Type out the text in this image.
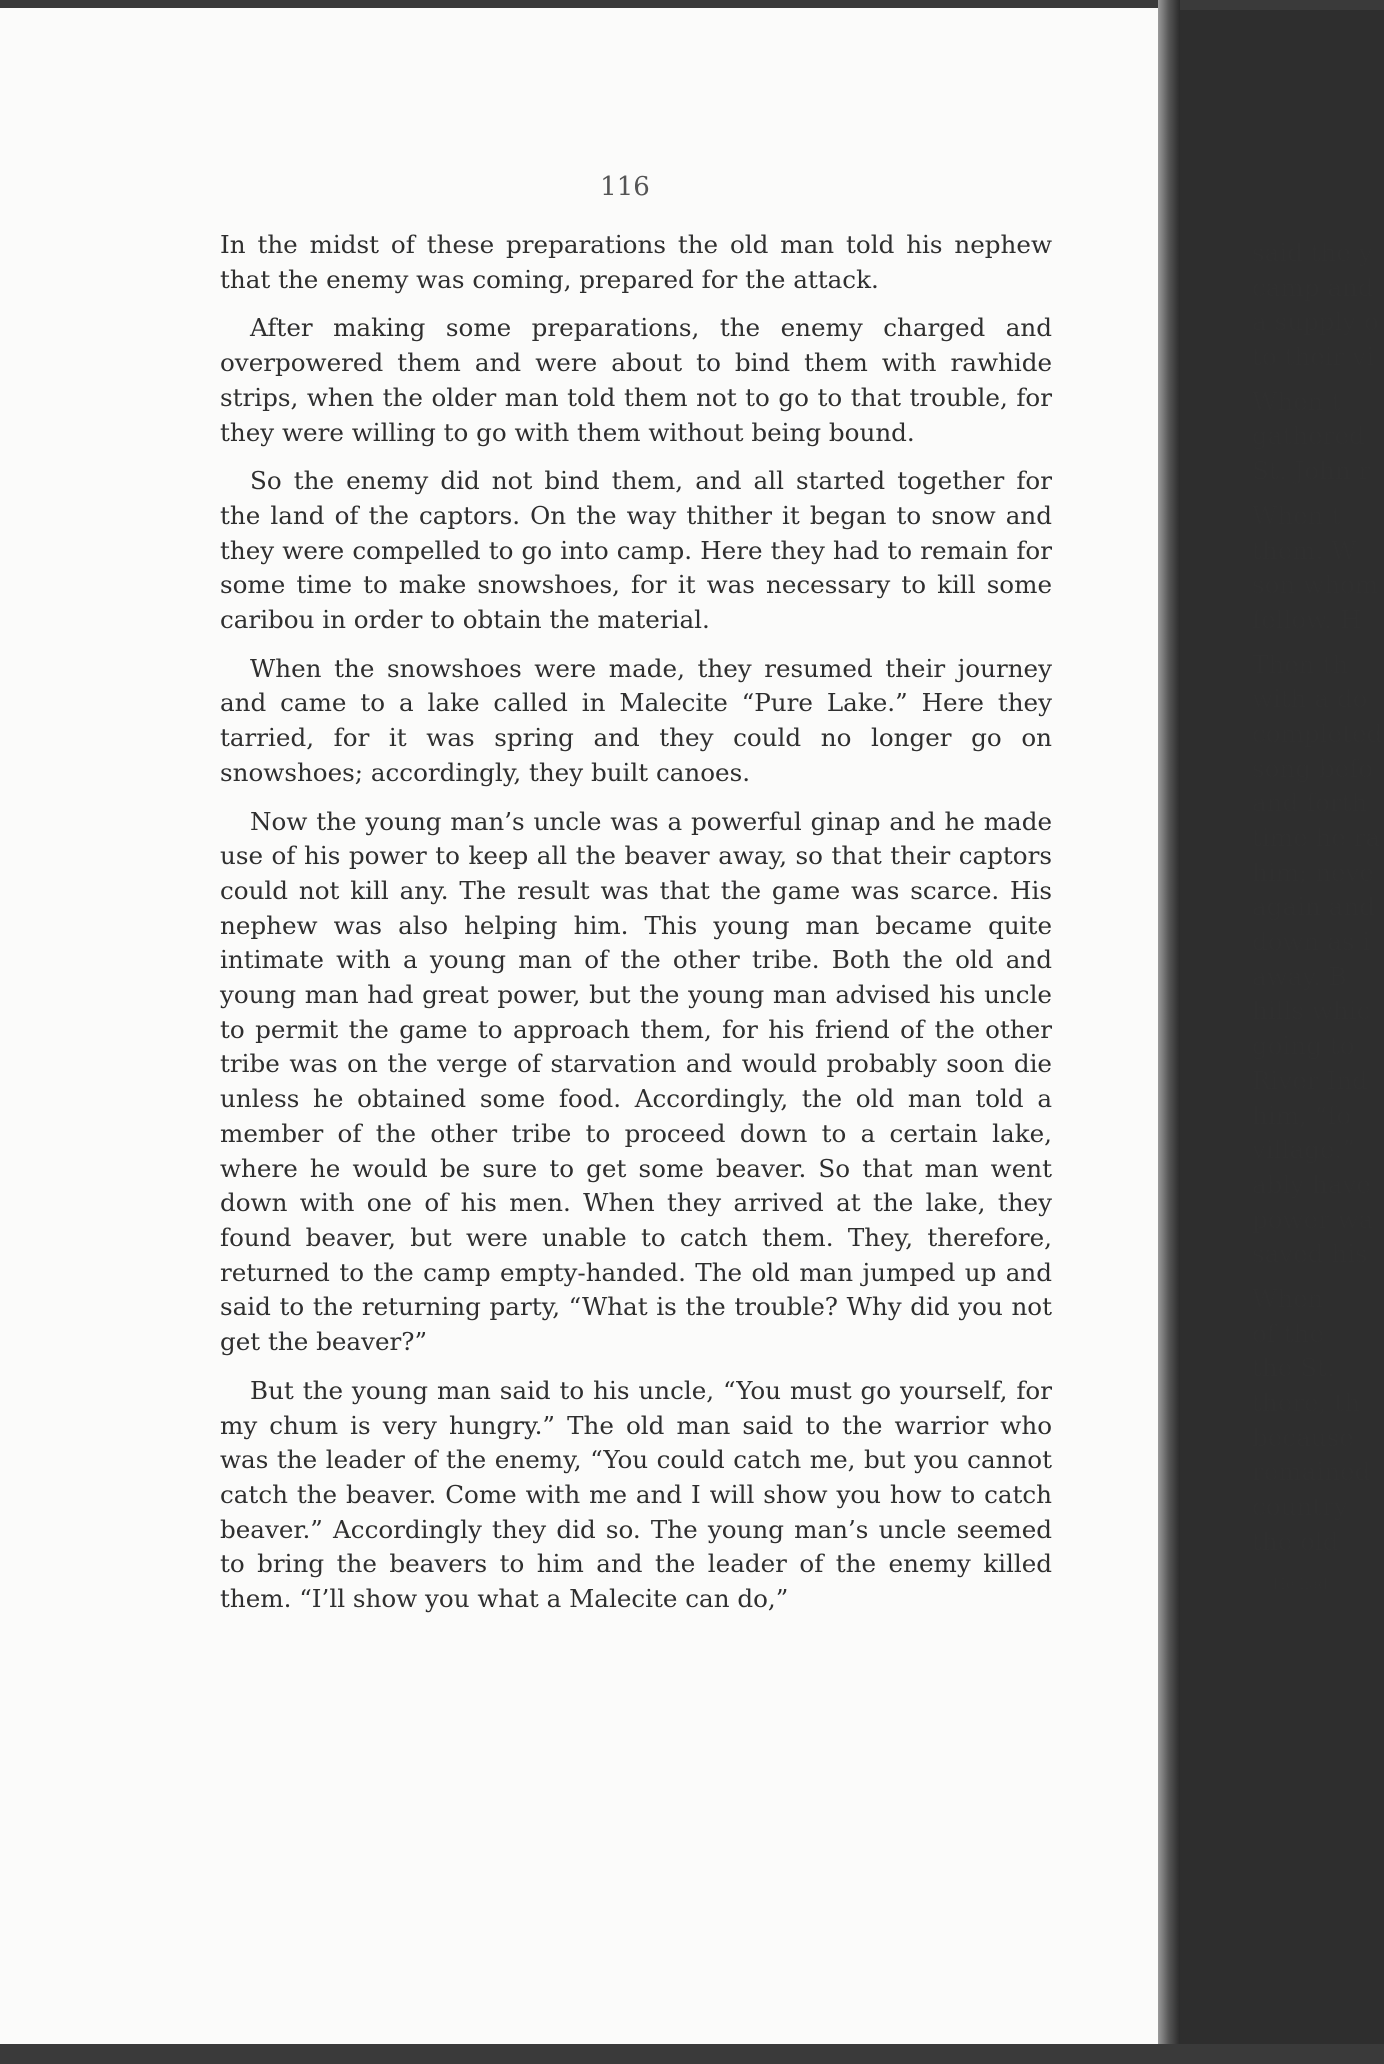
116

In the midst of these preparations the old man told his nephew that the enemy was coming, prepared for the attack.

After making some preparations, the enemy charged and overpowered them and were about to bind them with rawhide strips, when the older man told them not to go to that trouble, for they were willing to go with them without being bound.

So the enemy did not bind them, and all started together for the land of the captors. On the way thither it began to snow and they were compelled to go into camp. Here they had to remain for some time to make snowshoes, for it was necessary to kill some caribou in order to obtain the material.

When the snowshoes were made, they resumed their journey and came to a lake called in Malecite “Pure Lake.” Here they tarried, for it was spring and they could no longer go on snowshoes; accordingly, they built canoes.

Now the young man’s uncle was a powerful ginap and he made use of his power to keep all the beaver away, so that their captors could not kill any. The result was that the game was scarce. His nephew was also helping him. This young man became quite intimate with a young man of the other tribe. Both the old and young man had great power, but the young man advised his uncle to permit the game to approach them, for his friend of the other tribe was on the verge of starvation and would probably soon die unless he obtained some food. Accordingly, the old man told a member of the other tribe to proceed down to a certain lake, where he would be sure to get some beaver. So that man went down with one of his men. When they arrived at the lake, they found beaver, but were unable to catch them. They, therefore, returned to the camp empty-handed. The old man jumped up and said to the returning party, “What is the trouble? Why did you not get the beaver?”

But the young man said to his uncle, “You must go yourself, for my chum is very hungry.” The old man said to the warrior who was the leader of the enemy, “You could catch me, but you cannot catch the beaver. Come with me and I will show you how to catch beaver.” Accordingly they did so. The young man’s uncle seemed to bring the beavers to him and the leader of the enemy killed them. “I’ll show you what a Malecite can do,”

said the y
camp and
a supply o
to their vi
When t
gathered
St. John r
When t
them. W
son whom
fellow. H
Then th
with a do
completed
song befo
and forth
time he ra
him; neve
again and
down as i
away. B
hills whic
going to
River Ind
him, “fo
village.”
ably have
power wa
saved his
When
of the
the St.
there, th
because
remained
country
the old
¹ He had
